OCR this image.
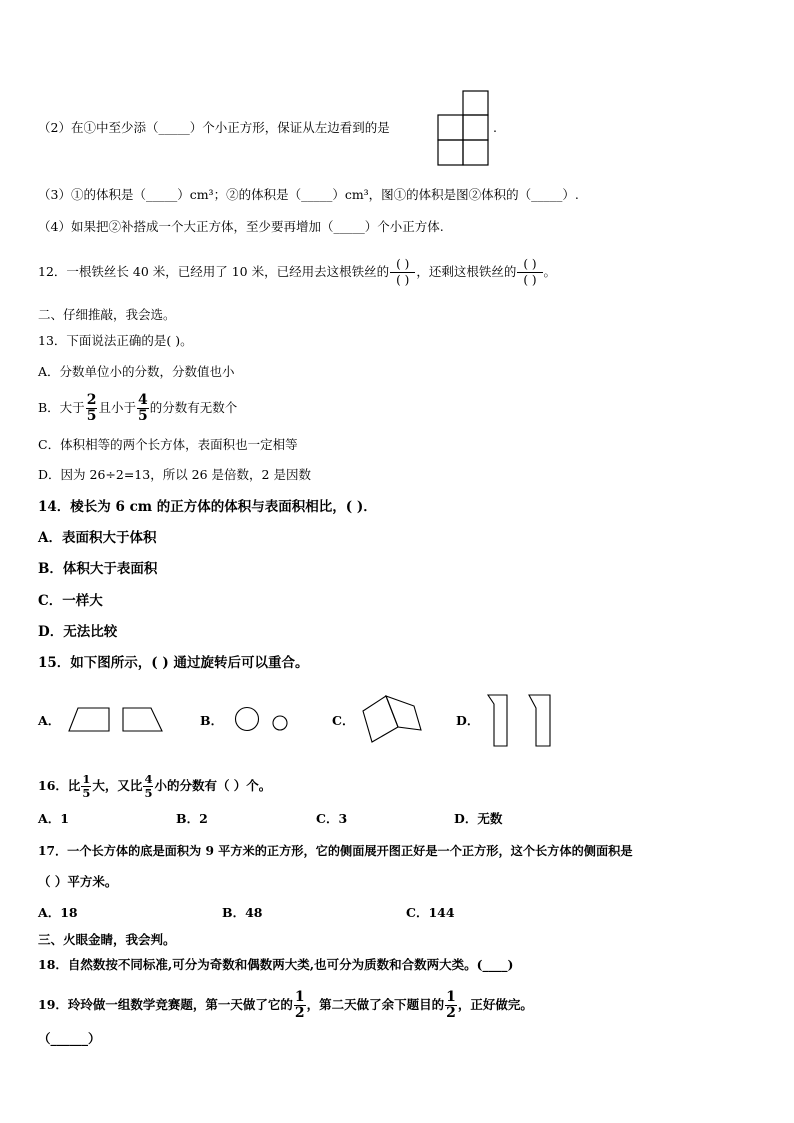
（2）在①中至少添（_____）个小正方形，保证从左边看到的是	.
（3）①的体积是（_____）cm³；②的体积是（_____）cm³，图①的体积是图②体积的（_____）.
（4）如果把②补搭成一个大正方体，至少要再增加（_____）个小正方体.
12．一根铁丝长 40 米，已经用了 10 米，已经用去这根铁丝的 $\frac{( )}{( )}$ ，还剩这根铁丝的 $\frac{( )}{( )}$ 。
二、仔细推敲，我会选。
13．下面说法正确的是( )。
A．分数单位小的分数，分数值也小
B．大于 $\frac{2}{5}$ 且小于 $\frac{4}{5}$ 的分数有无数个
C．体积相等的两个长方体，表面积也一定相等
D．因为 26÷2=13，所以 26 是倍数，2 是因数
14．棱长为 6 cm 的正方体的体积与表面积相比，( )．
A．表面积大于体积
B．体积大于表面积
C．一样大
D．无法比较
15．如下图所示，( ) 通过旋转后可以重合。
A．	B．	C．	D．
16．比 $\frac{1}{5}$ 大，又比 $\frac{4}{5}$ 小的分数有（ ）个。
A．1	B．2	C．3	D．无数
17．一个长方体的底是面积为 9 平方米的正方形，它的侧面展开图正好是一个正方形，这个长方体的侧面积是
（ ）平方米。
A．18	B．48	C．144
三、火眼金睛，我会判。
18．自然数按不同标准,可分为奇数和偶数两大类,也可分为质数和合数两大类。(____)
19．玲玲做一组数学竞赛题，第一天做了它的 $\frac{1}{2}$ ，第二天做了余下题目的 $\frac{1}{2}$ ，正好做完。
（______）
